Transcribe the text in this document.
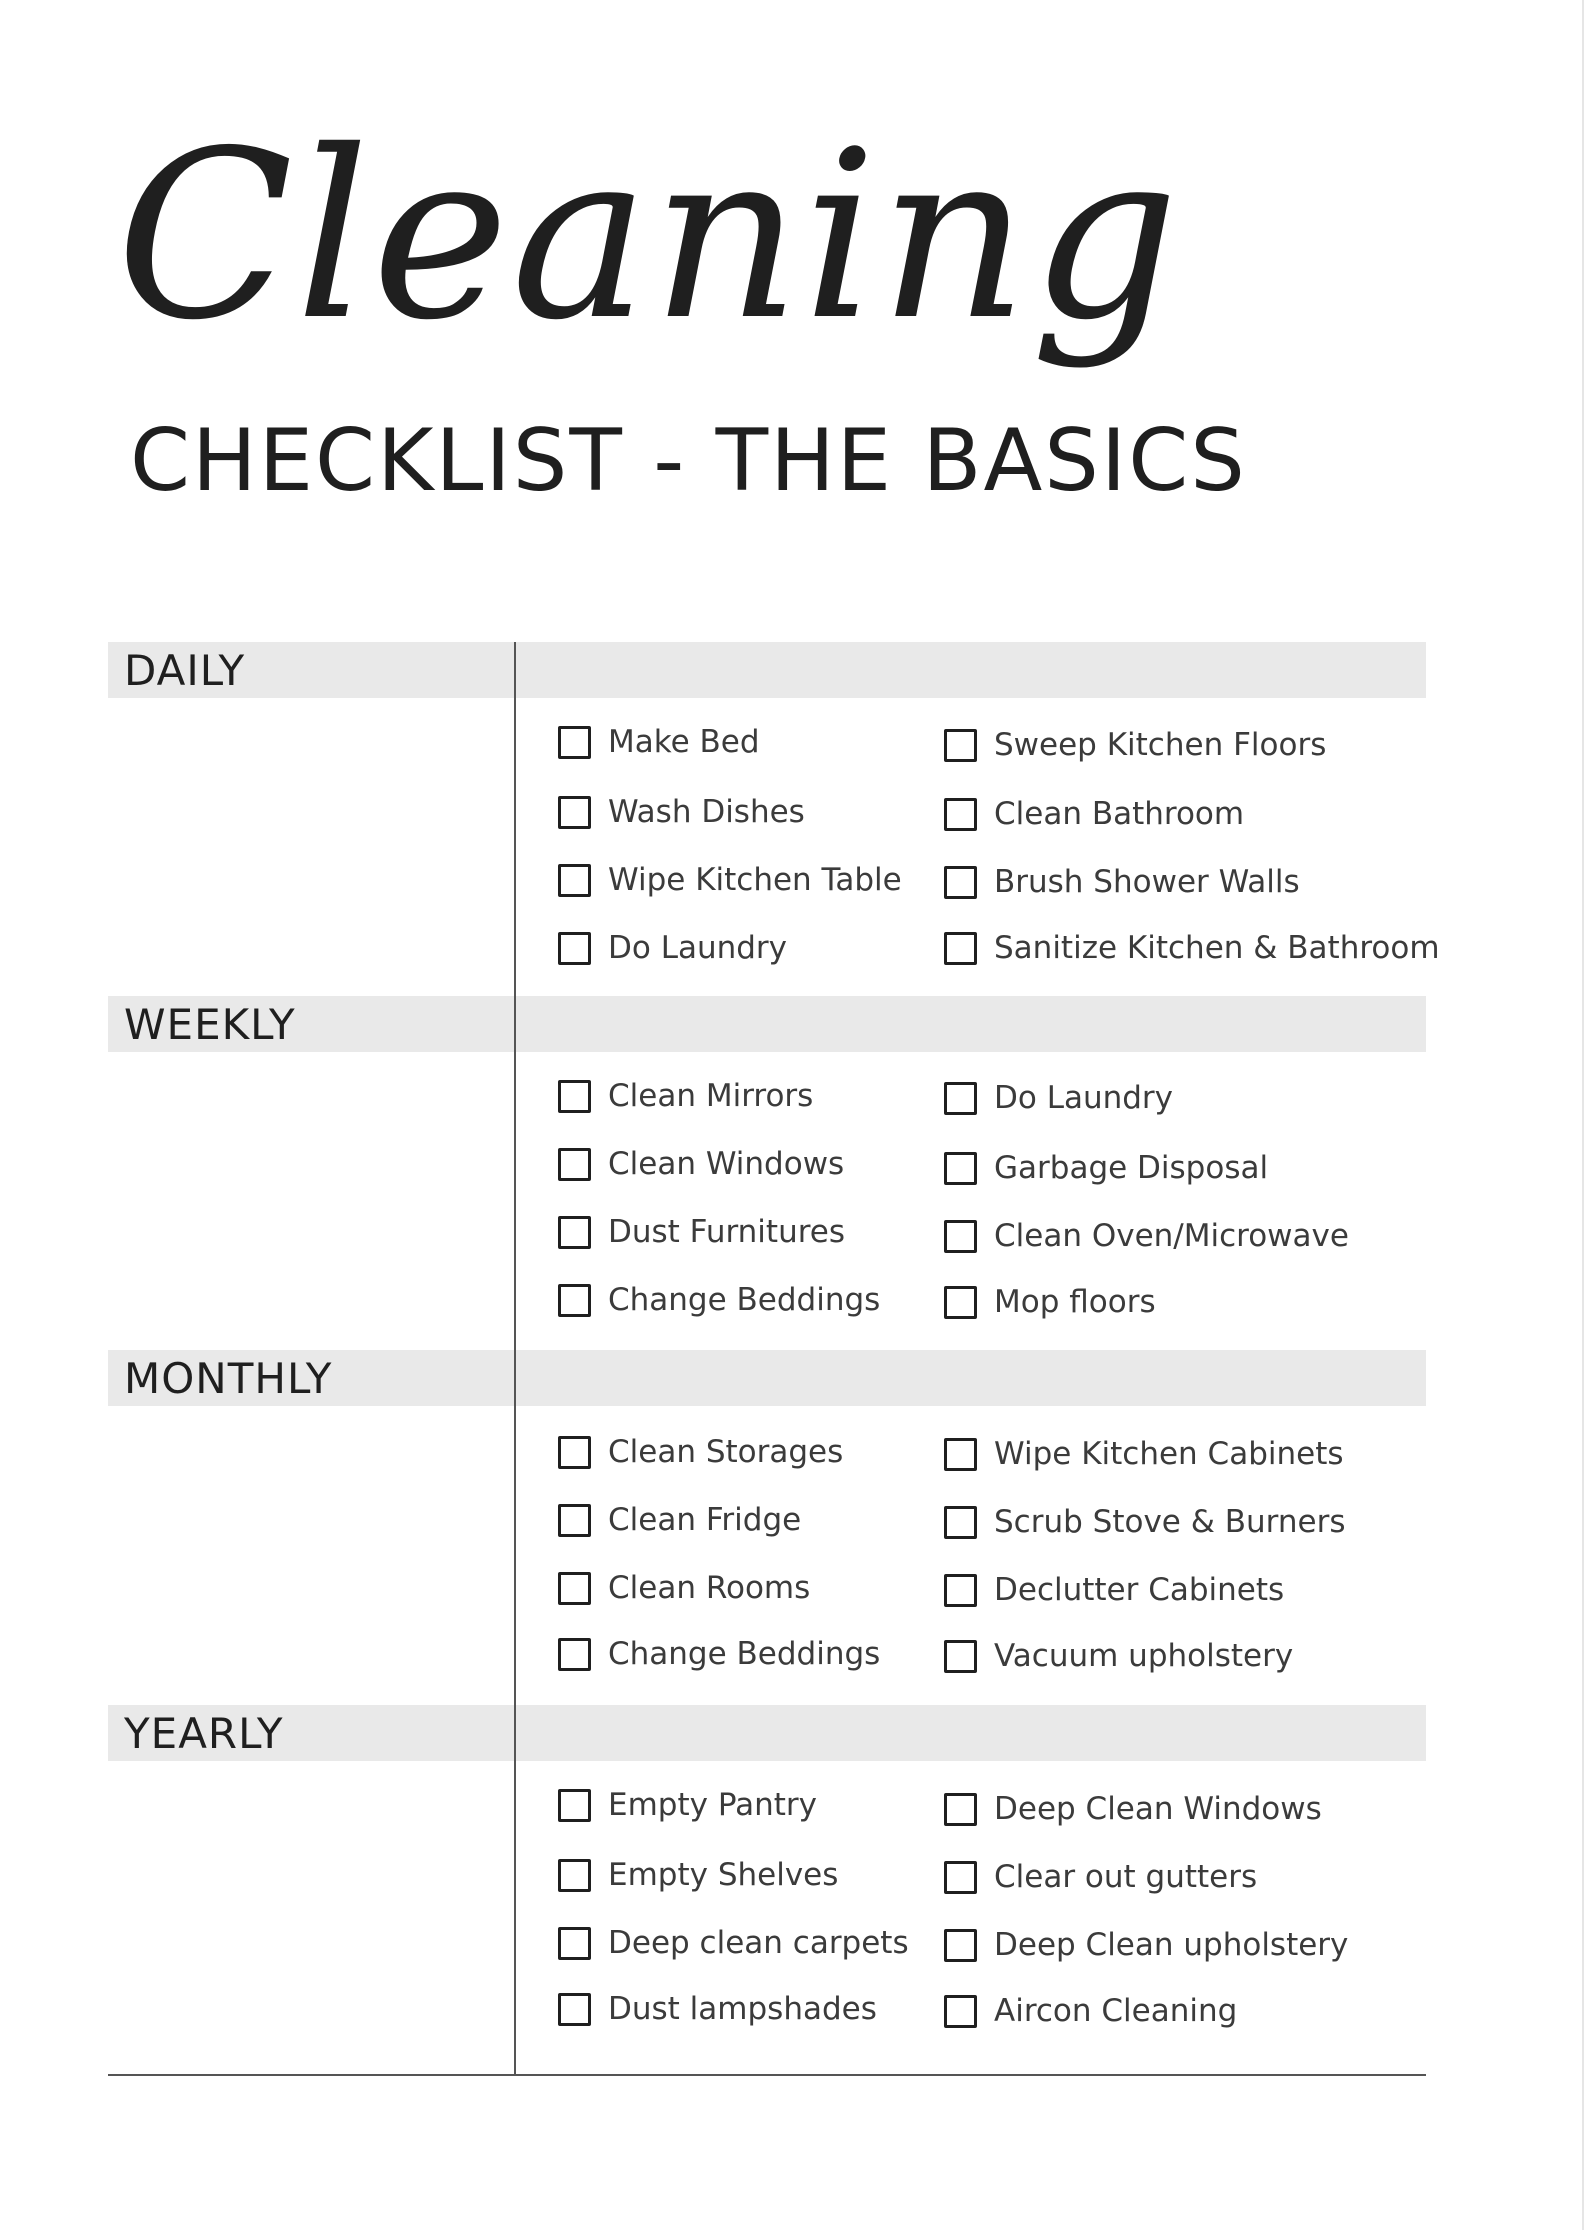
Cleaning
CHECKLIST - THE BASICS
DAILY
Make Bed
Wash Dishes
Wipe Kitchen Table
Do Laundry
Sweep Kitchen Floors
Clean Bathroom
Brush Shower Walls
Sanitize Kitchen & Bathroom
WEEKLY
Clean Mirrors
Clean Windows
Dust Furnitures
Change Beddings
Do Laundry
Garbage Disposal
Clean Oven/Microwave
Mop floors
MONTHLY
Clean Storages
Clean Fridge
Clean Rooms
Change Beddings
Wipe Kitchen Cabinets
Scrub Stove & Burners
Declutter Cabinets
Vacuum upholstery
YEARLY
Empty Pantry
Empty Shelves
Deep clean carpets
Dust lampshades
Deep Clean Windows
Clear out gutters
Deep Clean upholstery
Aircon Cleaning
